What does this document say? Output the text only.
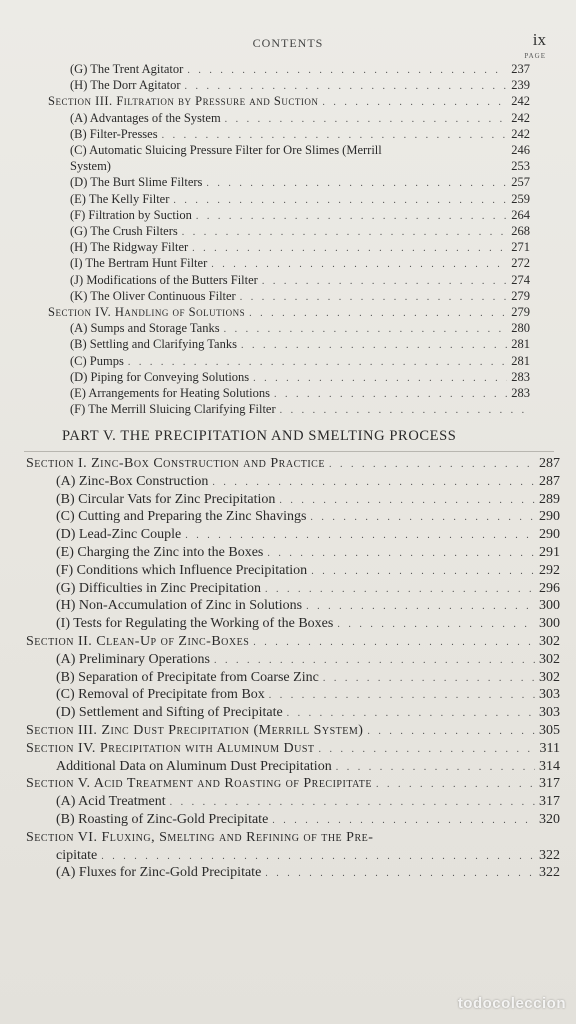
CONTENTS	ix
PAGE
(G) The Trent Agitator . . .	237
(H) The Dorr Agitator . . .	239
Section III. Filtration by Pressure and Suction . . .	242
(A) Advantages of the System . . .	242
(B) Filter-Presses . . .	242
(C) Automatic Sluicing Pressure Filter for Ore Slimes (Merrill	246
System)	253
(D) The Burt Slime Filters . . .	257
(E) The Kelly Filter . . .	259
(F) Filtration by Suction . . .	264
(G) The Crush Filters . . .	268
(H) The Ridgway Filter . . .	271
(I) The Bertram Hunt Filter . . .	272
(J) Modifications of the Butters Filter . . .	274
(K) The Oliver Continuous Filter . . .	279
Section IV. Handling of Solutions . . .	279
(A) Sumps and Storage Tanks . . .	280
(B) Settling and Clarifying Tanks . . .	281
(C) Pumps . . .	281
(D) Piping for Conveying Solutions . . .	283
(E) Arrangements for Heating Solutions . . .	283
(F) The Merrill Sluicing Clarifying Filter
. . .
PART V. THE PRECIPITATION AND SMELTING PROCESS
Section I. Zinc-Box Construction and Practice . . .	287
(A) Zinc-Box Construction . . .	287
(B) Circular Vats for Zinc Precipitation . . .	289
(C) Cutting and Preparing the Zinc Shavings . . .	290
(D) Lead-Zinc Couple . . .	290
(E) Charging the Zinc into the Boxes . . .	291
(F) Conditions which Influence Precipitation . . .	292
(G) Difficulties in Zinc Precipitation . . .	296
(H) Non-Accumulation of Zinc in Solutions . . .	300
(I) Tests for Regulating the Working of the Boxes . . .	300
Section II. Clean-Up of Zinc-Boxes . . .	302
(A) Preliminary Operations . . .	302
(B) Separation of Precipitate from Coarse Zinc . . .	302
(C) Removal of Precipitate from Box . . .	303
(D) Settlement and Sifting of Precipitate . . .	303
Section III. Zinc Dust Precipitation (Merrill System) . . .	305
Section IV. Precipitation with Aluminum Dust . . .	311
Additional Data on Aluminum Dust Precipitation . . .	314
Section V. Acid Treatment and Roasting of Precipitate . . .	317
(A) Acid Treatment . . .	317
(B) Roasting of Zinc-Gold Precipitate . . .	320
Section VI. Fluxing, Smelting and Refining of the Pre-
cipitate . . .	322
(A) Fluxes for Zinc-Gold Precipitate . . .	322
todocoleccion
